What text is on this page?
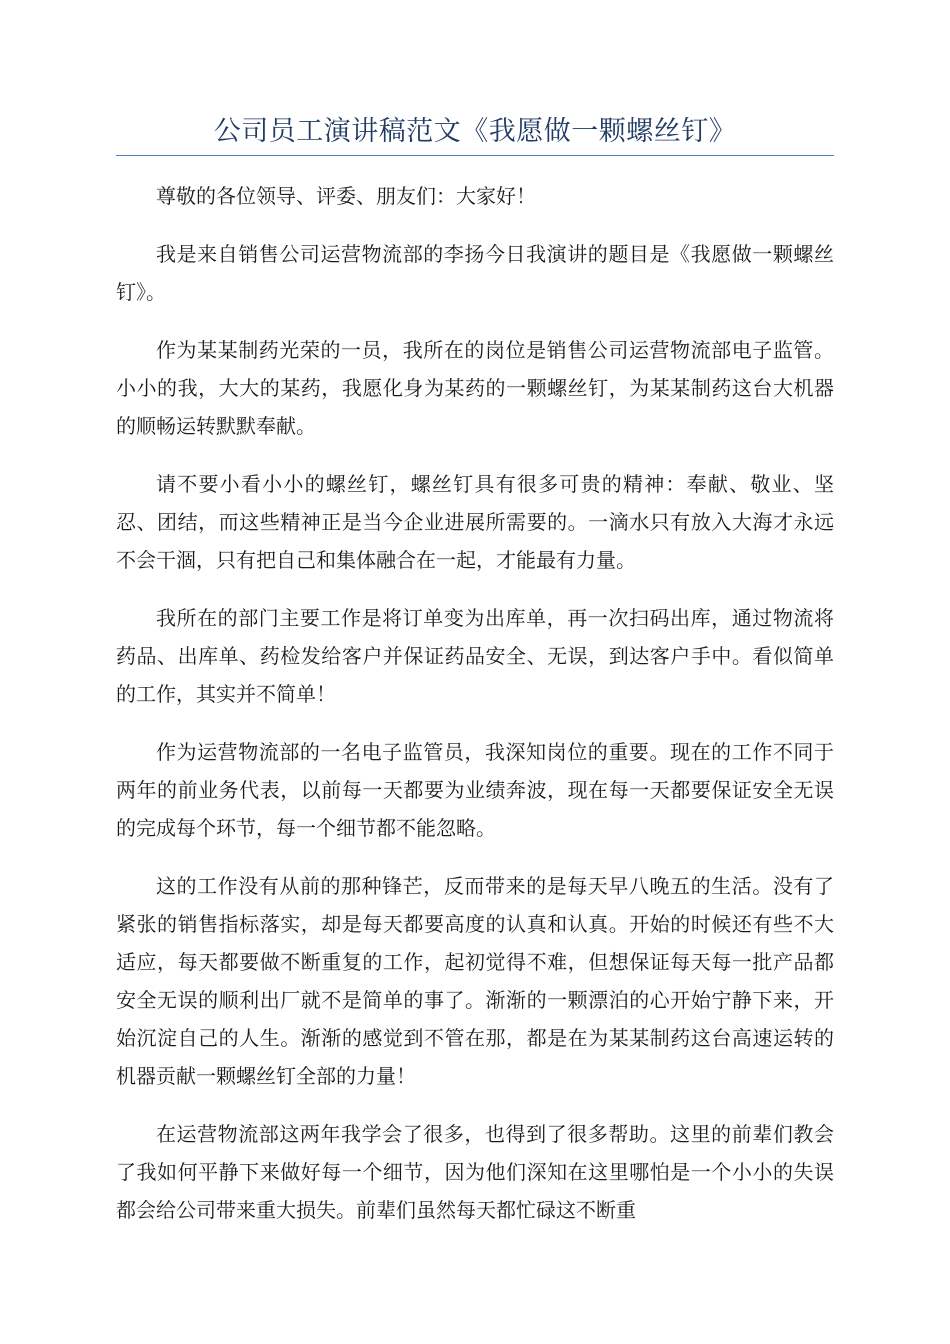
公司员工演讲稿范文《我愿做一颗螺丝钉》

尊敬的各位领导、评委、朋友们：大家好！

我是来自销售公司运营物流部的李扬今日我演讲的题目是《我愿做一颗螺丝钉》。

作为某某制药光荣的一员，我所在的岗位是销售公司运营物流部电子监管。小小的我，大大的某药，我愿化身为某药的一颗螺丝钉，为某某制药这台大机器的顺畅运转默默奉献。

请不要小看小小的螺丝钉，螺丝钉具有很多可贵的精神：奉献、敬业、坚忍、团结，而这些精神正是当今企业进展所需要的。一滴水只有放入大海才永远不会干涸，只有把自己和集体融合在一起，才能最有力量。

我所在的部门主要工作是将订单变为出库单，再一次扫码出库，通过物流将药品、出库单、药检发给客户并保证药品安全、无误，到达客户手中。看似简单的工作，其实并不简单！

作为运营物流部的一名电子监管员，我深知岗位的重要。现在的工作不同于两年的前业务代表，以前每一天都要为业绩奔波，现在每一天都要保证安全无误的完成每个环节，每一个细节都不能忽略。

这的工作没有从前的那种锋芒，反而带来的是每天早八晚五的生活。没有了紧张的销售指标落实，却是每天都要高度的认真和认真。开始的时候还有些不大适应，每天都要做不断重复的工作，起初觉得不难，但想保证每天每一批产品都安全无误的顺利出厂就不是简单的事了。渐渐的一颗漂泊的心开始宁静下来，开始沉淀自己的人生。渐渐的感觉到不管在那，都是在为某某制药这台高速运转的机器贡献一颗螺丝钉全部的力量！

在运营物流部这两年我学会了很多，也得到了很多帮助。这里的前辈们教会了我如何平静下来做好每一个细节，因为他们深知在这里哪怕是一个小小的失误都会给公司带来重大损失。前辈们虽然每天都忙碌这不断重
